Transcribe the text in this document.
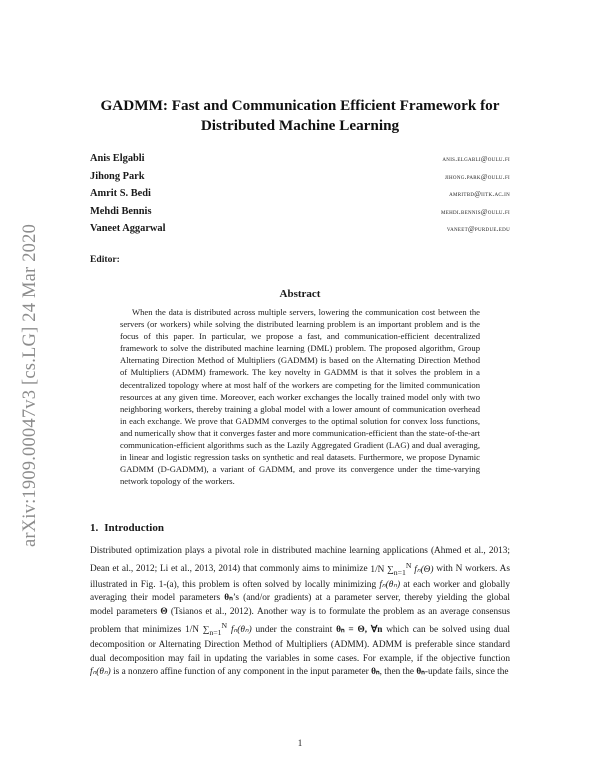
arXiv:1909.00047v3 [cs.LG] 24 Mar 2020
GADMM: Fast and Communication Efficient Framework for Distributed Machine Learning
Anis Elgabli	anis.elgabli@oulu.fi
Jihong Park	jihong.park@oulu.fi
Amrit S. Bedi	amritbd@iitk.ac.in
Mehdi Bennis	mehdi.bennis@oulu.fi
Vaneet Aggarwal	vaneet@purdue.edu
Editor:
Abstract
When the data is distributed across multiple servers, lowering the communication cost between the servers (or workers) while solving the distributed learning problem is an important problem and is the focus of this paper. In particular, we propose a fast, and communication-efficient decentralized framework to solve the distributed machine learning (DML) problem. The proposed algorithm, Group Alternating Direction Method of Multipliers (GADMM) is based on the Alternating Direction Method of Multipliers (ADMM) framework. The key novelty in GADMM is that it solves the problem in a decentralized topology where at most half of the workers are competing for the limited communication resources at any given time. Moreover, each worker exchanges the locally trained model only with two neighboring workers, thereby training a global model with a lower amount of communication overhead in each exchange. We prove that GADMM converges to the optimal solution for convex loss functions, and numerically show that it converges faster and more communication-efficient than the state-of-the-art communication-efficient algorithms such as the Lazily Aggregated Gradient (LAG) and dual averaging, in linear and logistic regression tasks on synthetic and real datasets. Furthermore, we propose Dynamic GADMM (D-GADMM), a variant of GADMM, and prove its convergence under the time-varying network topology of the workers.
1. Introduction
Distributed optimization plays a pivotal role in distributed machine learning applications (Ahmed et al., 2013; Dean et al., 2012; Li et al., 2013, 2014) that commonly aims to minimize 1/N $\sum_{n=1}^N$ fₙ(Θ) with N workers. As illustrated in Fig. 1-(a), this problem is often solved by locally minimizing fₙ(θₙ) at each worker and globally averaging their model parameters θₙ’s (and/or gradients) at a parameter server, thereby yielding the global model parameters Θ (Tsianos et al., 2012). Another way is to formulate the problem as an average consensus problem that minimizes 1/N $\sum_{n=1}^N$ fₙ(θₙ) under the constraint θₙ = Θ, ∀n which can be solved using dual decomposition or Alternating Direction Method of Multipliers (ADMM). ADMM is preferable since standard dual decomposition may fail in updating the variables in some cases. For example, if the objective function fₙ(θₙ) is a nonzero affine function of any component in the input parameter θₙ, then the θₙ-update fails, since the
1
